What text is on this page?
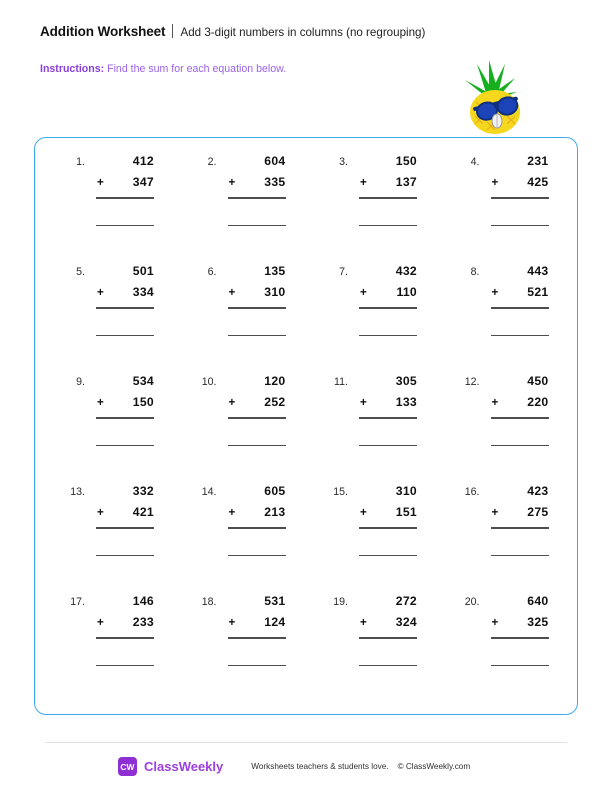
Addition Worksheet Add 3-digit numbers in columns (no regrouping)
Instructions: Find the sum for each equation below.
1.	412
+ 347
2.	604
+ 335
3.	150
+ 137
4.	231
+ 425
5.	501
+ 334
6.	135
+ 310
7.	432
+ 110
8.	443
+ 521
9.	534
+ 150
10.	120
+ 252
11.	305
+ 133
12.	450
+ 220
13.	332
+ 421
14.	605
+ 213
15.	310
+ 151
16.	423
+ 275
17.	146
+ 233
18.	531
+ 124
19.	272
+ 324
20.	640
+ 325
CW ClassWeekly	Worksheets teachers & students love. © ClassWeekly.com
